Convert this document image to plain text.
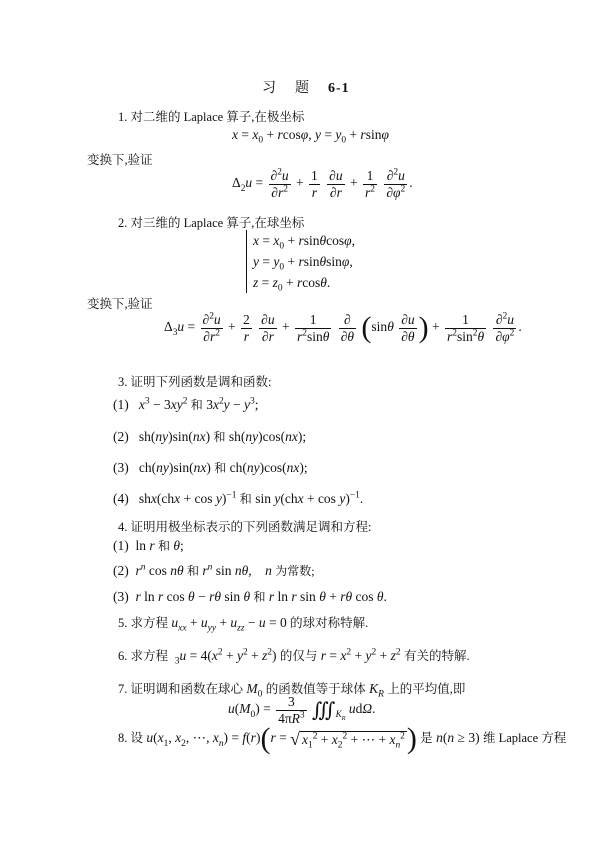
习 题 6-1
1. 对二维的 Laplace 算子,在极坐标
$x = x_0 + rcos\varphi$, $y = y_0 + rsin\varphi$
变换下,验证
$\Delta_2u = \frac{\partial^2u}{\partial r^2} + \frac{1}{r}$
$\frac{\partial u}{\partial r} + \frac{1}{r^2}$
$\frac{\partial^2u}{\partial\varphi^2}$ .
2. 对三维的 Laplace 算子,在球坐标
$x = x_0 + rsin\theta\cos\varphi$,
$y = y_0 + rsin\theta\sin\varphi$,
$z = z_0 + rcos\theta$.
变换下,验证
$\Delta_3u = \frac{\partial^2u}{\partial r^2} + \frac{2}{r}$
$\frac{\partial u}{\partial r} + \frac{1}{r^2\sin\theta}$
$\frac{\partial}{\partial\theta} (\sin\theta \frac{\partial u}{\partial\theta}$ ) + $\frac{1}{r^2\sin^2\theta}$
$\frac{\partial^2u}{\partial\varphi^2}$ .
3. 证明下列函数是调和函数:
(1) $x^3 - 3xy^2$ 和 $3x^2y - y^3$;
(2)   sh(ny)sin(nx) 和 sh(ny)cos(nx);
(3)   ch(ny)sin(nx) 和 ch(ny)cos(nx);
(4)   shx(chx + cos y)$^{-1}$ 和 sin y(chx + cos y)$^{-1}$.
4. 证明用极坐标表示的下列函数满足调和方程:
(1)  ln r 和 θ;
(2)  $r^n$ cos nθ 和 $r^n$ sin nθ,    n 为常数;
(3)  r ln r cos θ − rθ sin θ 和 r ln r sin θ + rθ cos θ.
5. 求方程 $u_{xx} + u_{yy} + u_{zz} - u = 0$ 的球对称特解.
6. 求方程 $_3u = 4(x^2 + y^2 + z^2)$ 的仅与 $r = x^2 + y^2 + z^2$ 有关的特解.
7. 证明调和函数在球心 $M_0$ 的函数值等于球体 $K_R$ 上的平均值,即
$u(M_0) = \frac{3}{4\pi R^3}$ $∭_{K_R}$ udΩ.
8. 设 $u(x_1$, $x_2$, ⋯, $x_n) = f(r)(r$ = √ $x_1^2 + x_2^2$ + ⋯ + $x_n^2$) 是 n(n ≥ 3) 维 Laplace 方程
